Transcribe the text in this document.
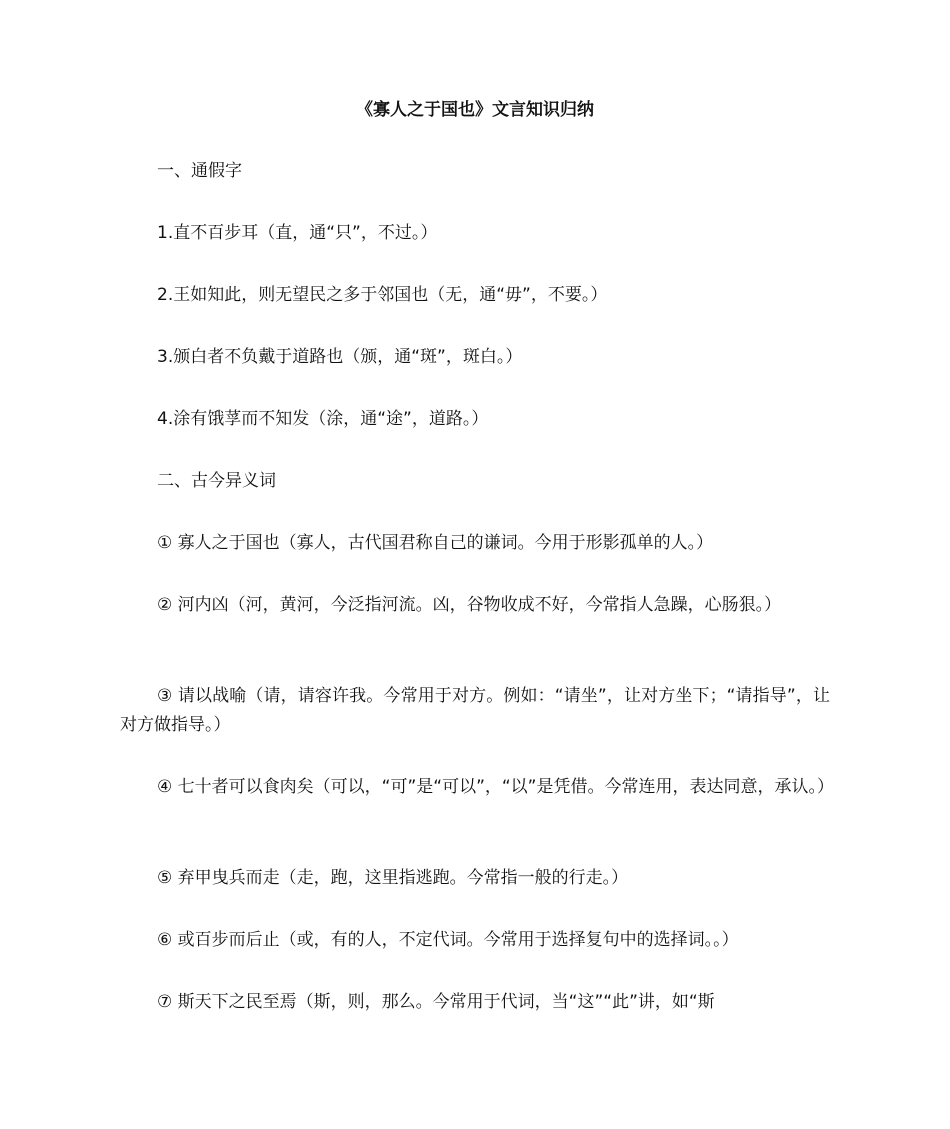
《寡人之于国也》文言知识归纳

一、通假字

1.直不百步耳（直，通“只”，不过。）

2.王如知此，则无望民之多于邻国也（无，通“毋”，不要。）

3.颁白者不负戴于道路也（颁，通“斑”，斑白。）

4.涂有饿莩而不知发（涂，通“途”，道路。）

二、古今异义词

① 寡人之于国也（寡人，古代国君称自己的谦词。今用于形影孤单的人。）

② 河内凶（河，黄河，今泛指河流。凶，谷物收成不好，今常指人急躁，心肠狠。）

③ 请以战喻（请，请容许我。今常用于对方。例如：“请坐”，让对方坐下；“请指导”，让对方做指导。）

④ 七十者可以食肉矣（可以，“可”是“可以”，“以”是凭借。今常连用，表达同意，承认。）

⑤ 弃甲曳兵而走（走，跑，这里指逃跑。今常指一般的行走。）

⑥ 或百步而后止（或，有的人，不定代词。今常用于选择复句中的选择词。。）

⑦ 斯天下之民至焉（斯，则，那么。今常用于代词，当“这”“此”讲，如“斯
